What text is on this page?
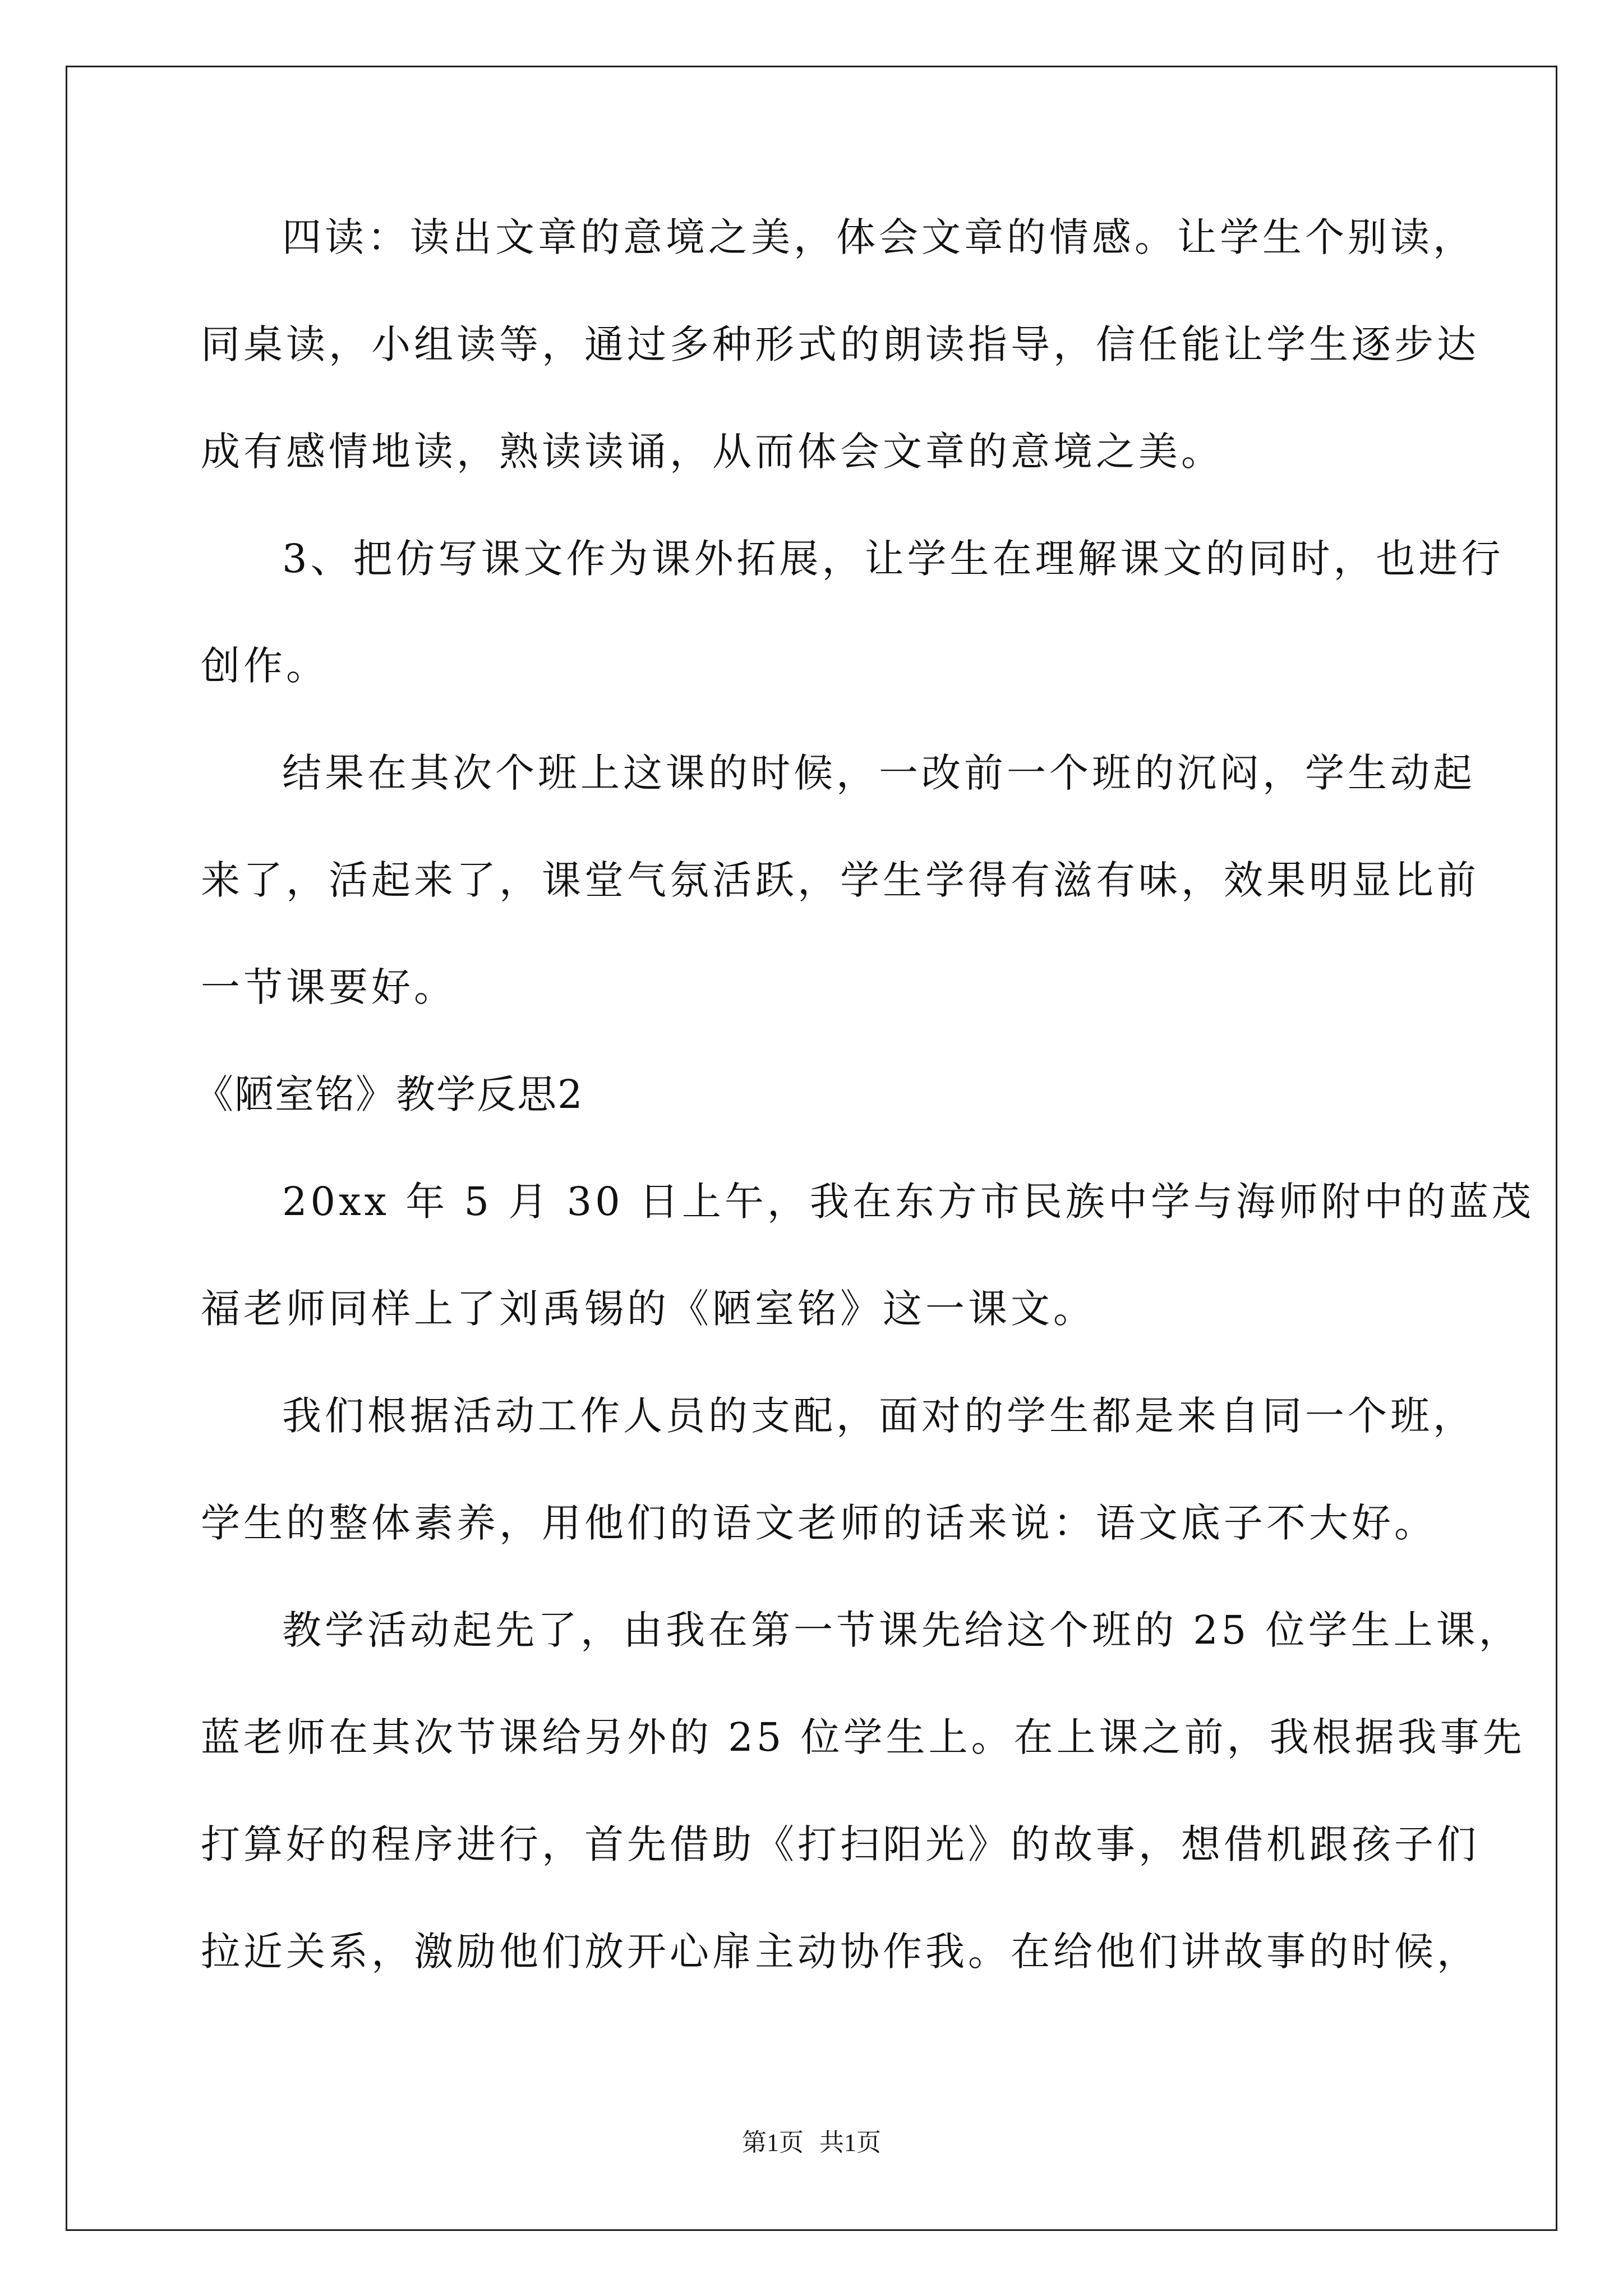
四读：读出文章的意境之美，体会文章的情感。让学生个别读，
同桌读，小组读等，通过多种形式的朗读指导，信任能让学生逐步达
成有感情地读，熟读读诵，从而体会文章的意境之美。
3、把仿写课文作为课外拓展，让学生在理解课文的同时，也进行
创作。
结果在其次个班上这课的时候，一改前一个班的沉闷，学生动起
来了，活起来了，课堂气氛活跃，学生学得有滋有味，效果明显比前
一节课要好。
《陋室铭》教学反思2
20xx 年 5 月 30 日上午，我在东方市民族中学与海师附中的蓝茂
福老师同样上了刘禹锡的《陋室铭》这一课文。
我们根据活动工作人员的支配，面对的学生都是来自同一个班，
学生的整体素养，用他们的语文老师的话来说：语文底子不大好。
教学活动起先了，由我在第一节课先给这个班的 25 位学生上课，
蓝老师在其次节课给另外的 25 位学生上。在上课之前，我根据我事先
打算好的程序进行，首先借助《打扫阳光》的故事，想借机跟孩子们
拉近关系，激励他们放开心扉主动协作我。在给他们讲故事的时候，
第1页 共1页
